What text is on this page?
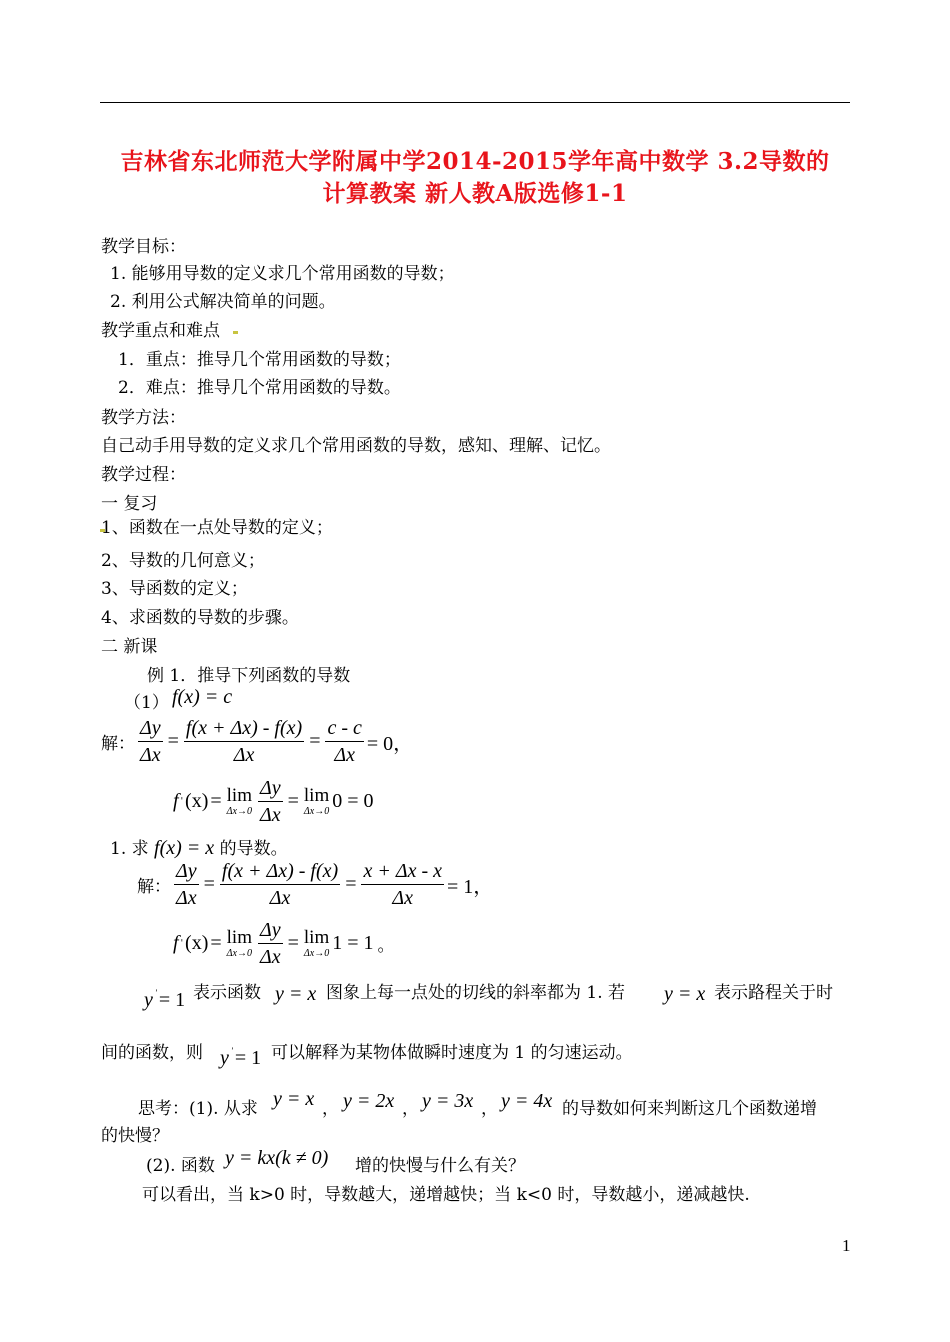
吉林省东北师范大学附属中学2014-2015学年高中数学 3.2导数的
计算教案 新人教A版选修1-1
教学目标：
1. 能够用导数的定义求几个常用函数的导数；
2. 利用公式解决简单的问题。
教学重点和难点
1．重点：推导几个常用函数的导数；
2．难点：推导几个常用函数的导数。
教学方法：
自己动手用导数的定义求几个常用函数的导数，感知、理解、记忆。
教学过程：
一 复习
1、函数在一点处导数的定义；
2、导数的几何意义；
3、导函数的定义；
4、求函数的导数的步骤。
二 新课
例 1．推导下列函数的导数
（1） f(x) = c
解： $\frac{\Delta y}{\Delta x} = \frac{f(x + \Delta x) - f(x)}{\Delta x} = \frac{c - c}{\Delta x} = 0$，
f ' (x) = lim
$\Delta x\to 0 \frac{\Delta y}{\Delta x} = \lim$
Δx→0 0 = 0
1. 求 f(x) = x 的导数。
解： $\frac{\Delta y}{\Delta x} = \frac{f(x + \Delta x) - f(x)}{\Delta x} = \frac{x + \Delta x - x}{\Delta x} = 1$，
f ' (x) = lim
$\Delta x\to 0 \frac{\Delta y}{\Delta x} = \lim$
Δx→0 1 = 1 。
y ' = 1 表示函数 y = x 图象上每一点处的切线的斜率都为 1. 若 y = x 表示路程关于时
间的函数，则 y ' = 1 可以解释为某物体做瞬时速度为 1 的匀速运动。
思考：(1). 从求 y = x ， y = 2x ， y = 3x ， y = 4x 的导数如何来判断这几个函数递增
的快慢？
(2). 函数 y = kx(k ≠ 0) 增的快慢与什么有关？
可以看出，当 k>0 时，导数越大，递增越快；当 k<0 时，导数越小，递减越快.
1
